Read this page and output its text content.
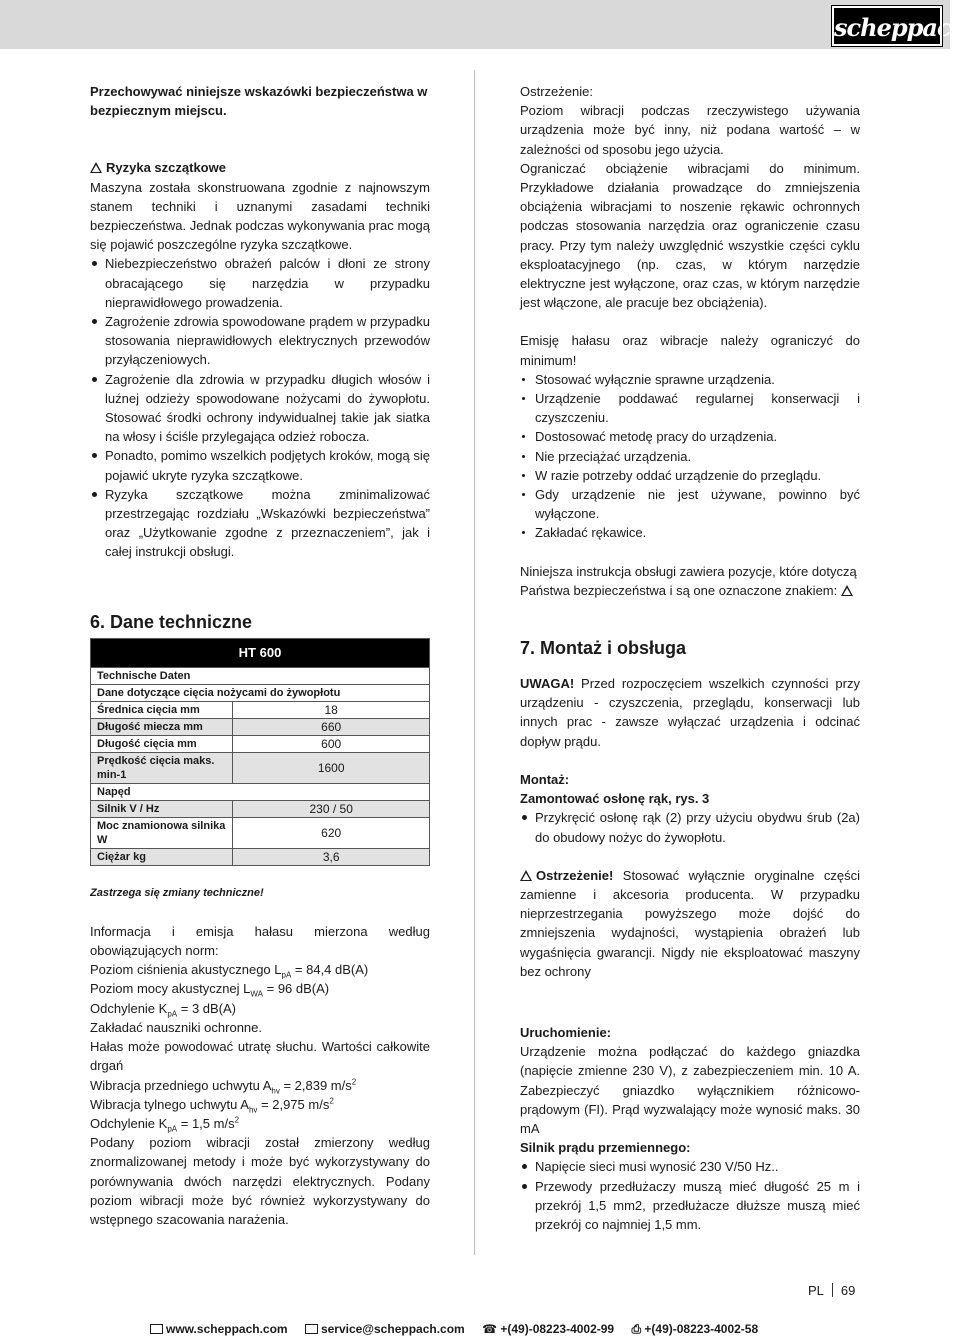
scheppach

Przechowywać niniejsze wskazówki bezpieczeństwa w bezpiecznym miejscu.

Ryzyka szczątkowe

Maszyna została skonstruowana zgodnie z najnowszym stanem techniki i uznanymi zasadami techniki bezpieczeństwa. Jednak podczas wykonywania prac mogą się pojawić poszczególne ryzyka szczątkowe.

Niebezpieczeństwo obrażeń palców i dłoni ze strony obracającego się narzędzia w przypadku nieprawidłowego prowadzenia.
Zagrożenie zdrowia spowodowane prądem w przypadku stosowania nieprawidłowych elektrycznych przewodów przyłączeniowych.
Zagrożenie dla zdrowia w przypadku długich włosów i luźnej odzieży spowodowane nożycami do żywopłotu. Stosować środki ochrony indywidualnej takie jak siatka na włosy i ściśle przylegająca odzież robocza.
Ponadto, pomimo wszelkich podjętych kroków, mogą się pojawić ukryte ryzyka szczątkowe.
Ryzyka szczątkowe można zminimalizować przestrzegając rozdziału „Wskazówki bezpieczeństwa” oraz „Użytkowanie zgodne z przeznaczeniem”, jak i całej instrukcji obsługi.

6. Dane techniczne

HT 600	
Technische Daten	
Dane dotyczące cięcia nożycami do żywopłotu	
Średnica cięcia mm	18
Długość miecza mm	660
Długość cięcia mm	600
Prędkość cięcia maks. min-1	1600
Napęd	
Silnik V / Hz	230 / 50
Moc znamionowa silnika W	620
Ciężar kg	3,6

Zastrzega się zmiany techniczne!

Informacja i emisja hałasu mierzona według obowiązujących norm:

Poziom ciśnienia akustycznego $L_{pA} = 84,4$ dB(A)

Poziom mocy akustycznej $L_{WA} = 96$ dB(A)

Odchylenie $K_{pA} = 3$ dB(A)

Zakładać nauszniki ochronne.

Hałas może powodować utratę słuchu. Wartości całkowite drgań

Wibracja przedniego uchwytu $A_{hv} = 2,839$ $m/s^2$

Wibracja tylnego uchwytu $A_{hv} = 2,975$ $m/s^2$

Odchylenie $K_{pA} = 1,5$ $m/s^2$

Podany poziom wibracji został zmierzony według znormalizowanej metody i może być wykorzystywany do porównywania dwóch narzędzi elektrycznych. Podany poziom wibracji może być również wykorzystywany do wstępnego szacowania narażenia.

Ostrzeżenie:

Poziom wibracji podczas rzeczywistego używania urządzenia może być inny, niż podana wartość – w zależności od sposobu jego użycia.

Ograniczać obciążenie wibracjami do minimum. Przykładowe działania prowadzące do zmniejszenia obciążenia wibracjami to noszenie rękawic ochronnych podczas stosowania narzędzia oraz ograniczenie czasu pracy. Przy tym należy uwzględnić wszystkie części cyklu eksploatacyjnego (np. czas, w którym narzędzie elektryczne jest wyłączone, oraz czas, w którym narzędzie jest włączone, ale pracuje bez obciążenia).

Emisję hałasu oraz wibracje należy ograniczyć do minimum!

Stosować wyłącznie sprawne urządzenia.
Urządzenie poddawać regularnej konserwacji i czyszczeniu.
Dostosować metodę pracy do urządzenia.
Nie przeciążać urządzenia.
W razie potrzeby oddać urządzenie do przeglądu.
Gdy urządzenie nie jest używane, powinno być wyłączone.
Zakładać rękawice.

Niniejsza instrukcja obsługi zawiera pozycje, które dotyczą Państwa bezpieczeństwa i są one oznaczone znakiem:

7. Montaż i obsługa

UWAGA! Przed rozpoczęciem wszelkich czynności przy urządzeniu - czyszczenia, przeglądu, konserwacji lub innych prac - zawsze wyłączać urządzenia i odcinać dopływ prądu.

Montaż:

Zamontować osłonę rąk, rys. 3

Przykręcić osłonę rąk (2) przy użyciu obydwu śrub (2a) do obudowy nożyc do żywopłotu.

Ostrzeżenie! Stosować wyłącznie oryginalne części zamienne i akcesoria producenta. W przypadku nieprzestrzegania powyższego może dojść do zmniejszenia wydajności, wystąpienia obrażeń lub wygaśnięcia gwarancji. Nigdy nie eksploatować maszyny bez ochrony

Uruchomienie:

Urządzenie można podłączać do każdego gniazdka (napięcie zmienne 230 V), z zabezpieczeniem min. 10 A. Zabezpieczyć gniazdko wyłącznikiem różnicowo-prądowym (FI). Prąd wyzwalający może wynosić maks. 30 mA

Silnik prądu przemiennego:

Napięcie sieci musi wynosić 230 V/50 Hz..
Przewody przedłużaczy muszą mieć długość 25 m i przekrój 1,5 mm2, przedłużacze dłuższe muszą mieć przekrój co najmniej 1,5 mm.
PL 69
www.scheppach.com	service@scheppach.com ☎ +(49)-08223-4002-99 ⎙ +(49)-08223-4002-58
